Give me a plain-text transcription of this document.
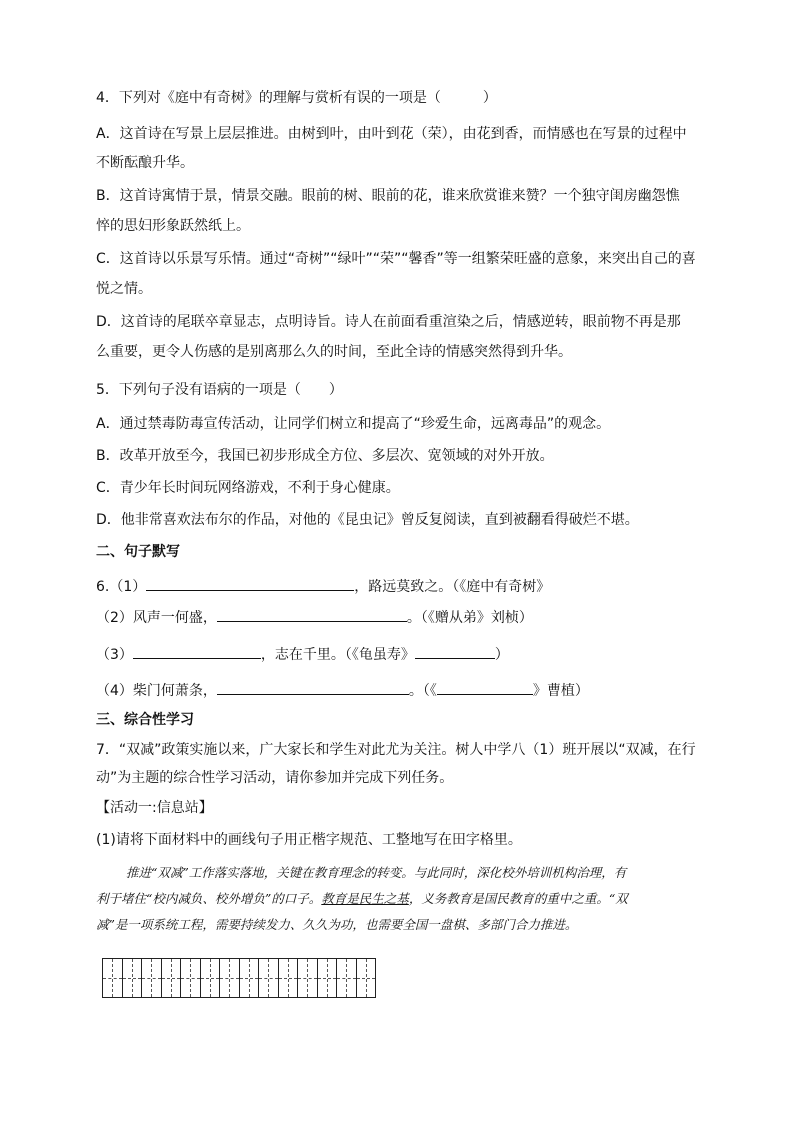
4．下列对《庭中有奇树》的理解与赏析有误的一项是（　　　）
A．这首诗在写景上层层推进。由树到叶，由叶到花（荣），由花到香，而情感也在写景的过程中
不断酝酿升华。
B．这首诗寓情于景，情景交融。眼前的树、眼前的花，谁来欣赏谁来赞？一个独守闺房幽怨憔
悴的思妇形象跃然纸上。
C．这首诗以乐景写乐情。通过“奇树”“绿叶”“荣”“馨香”等一组繁荣旺盛的意象，来突出自己的喜
悦之情。
D．这首诗的尾联卒章显志，点明诗旨。诗人在前面看重渲染之后，情感逆转，眼前物不再是那
么重要，更令人伤感的是别离那么久的时间，至此全诗的情感突然得到升华。
5．下列句子没有语病的一项是（　　）
A．通过禁毒防毒宣传活动，让同学们树立和提高了“珍爱生命，远离毒品”的观念。
B．改革开放至今，我国已初步形成全方位、多层次、宽领域的对外开放。
C．青少年长时间玩网络游戏，不利于身心健康。
D．他非常喜欢法布尔的作品，对他的《昆虫记》曾反复阅读，直到被翻看得破烂不堪。
二、句子默写
6.（1）	，路远莫致之。（《庭中有奇树》
（2）风声一何盛，	。（《赠从弟》刘桢）
（3）	，志在千里。（《龟虽寿》	）
（4）柴门何萧条，	。（《	》曹植）
三、综合性学习
7．“双减”政策实施以来，广大家长和学生对此尤为关注。树人中学八（1）班开展以“双减，在行
动”为主题的综合性学习活动，请你参加并完成下列任务。
【活动一:信息站】
(1)请将下面材料中的画线句子用正楷字规范、工整地写在田字格里。
推进“双减”工作落实落地，关键在教育理念的转变。与此同时，深化校外培训机构治理，有
利于堵住“校内减负、校外增负”的口子。教育是民生之基，义务教育是国民教育的重中之重。“双
减”是一项系统工程，需要持续发力、久久为功，也需要全国一盘棋、多部门合力推进。
